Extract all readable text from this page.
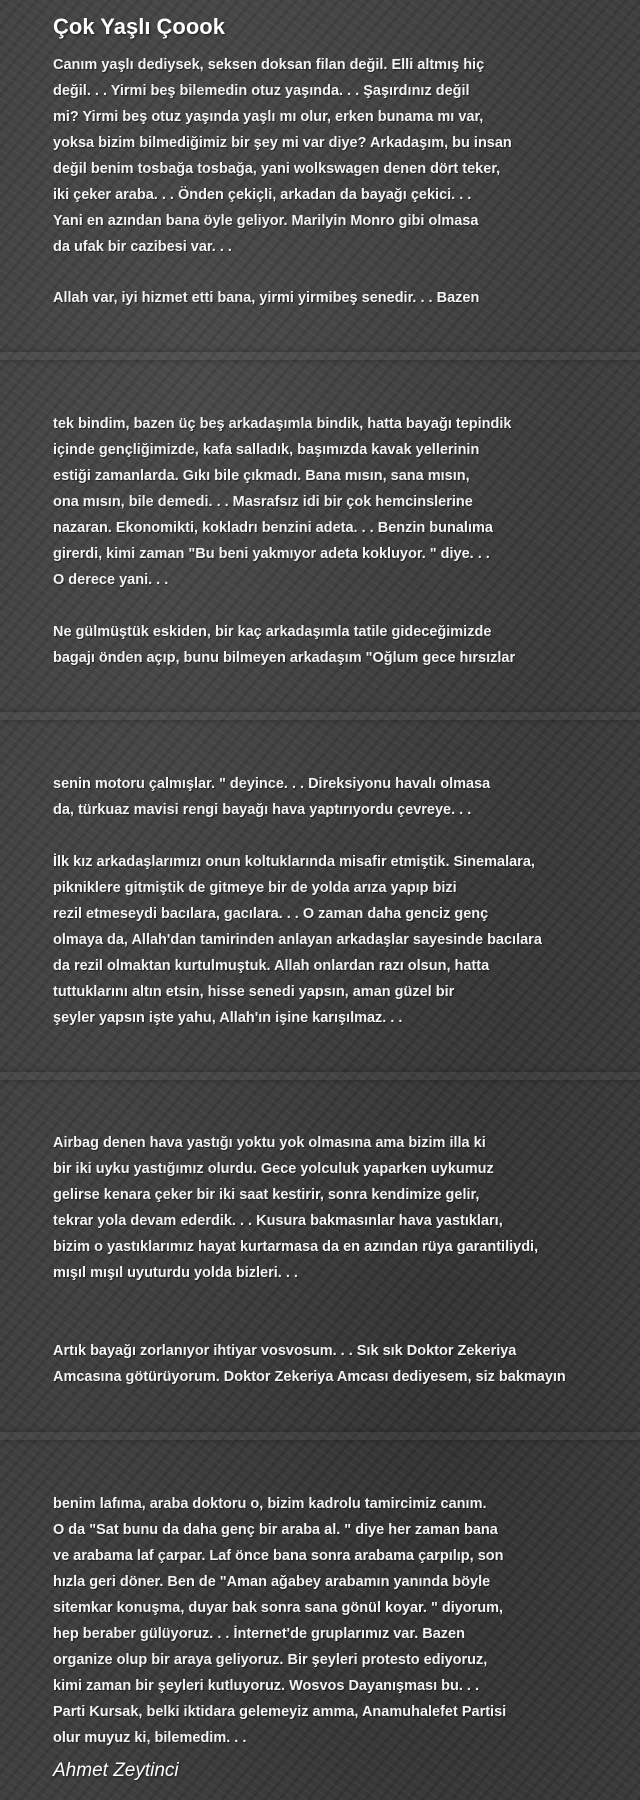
Çok Yaşlı Çoook
Canım yaşlı dediysek, seksen doksan filan değil. Elli altmış hiç
değil. . . Yirmi beş bilemedin otuz yaşında. . . Şaşırdınız değil
mi? Yirmi beş otuz yaşında yaşlı mı olur, erken bunama mı var,
yoksa bizim bilmediğimiz bir şey mi var diye? Arkadaşım, bu insan
değil benim tosbağa tosbağa, yani wolkswagen denen dört teker,
iki çeker araba. . . Önden çekiçli, arkadan da bayağı çekici. . .
Yani en azından bana öyle geliyor. Marilyin Monro gibi olmasa
da ufak bir cazibesi var. . .
Allah var, iyi hizmet etti bana, yirmi yirmibeş senedir. . . Bazen
tek bindim, bazen üç beş arkadaşımla bindik, hatta bayağı tepindik
içinde gençliğimizde, kafa salladık, başımızda kavak yellerinin
estiği zamanlarda. Gıkı bile çıkmadı. Bana mısın, sana mısın,
ona mısın, bile demedi. . . Masrafsız idi bir çok hemcinslerine
nazaran. Ekonomikti, kokladrı benzini adeta. . . Benzin bunalıma
girerdi, kimi zaman "Bu beni yakmıyor adeta kokluyor. " diye. . .
O derece yani. . .
Ne gülmüştük eskiden, bir kaç arkadaşımla tatile gideceğimizde
bagajı önden açıp, bunu bilmeyen arkadaşım "Oğlum gece hırsızlar
senin motoru çalmışlar. " deyince. . . Direksiyonu havalı olmasa
da, türkuaz mavisi rengi bayağı hava yaptırıyordu çevreye. . .
İlk kız arkadaşlarımızı onun koltuklarında misafir etmiştik. Sinemalara,
pikniklere gitmiştik de gitmeye bir de yolda arıza yapıp bizi
rezil etmeseydi bacılara, gacılara. . . O zaman daha genciz genç
olmaya da, Allah'dan tamirinden anlayan arkadaşlar sayesinde bacılara
da rezil olmaktan kurtulmuştuk. Allah onlardan razı olsun, hatta
tuttuklarını altın etsin, hisse senedi yapsın, aman güzel bir
şeyler yapsın işte yahu, Allah'ın işine karışılmaz. . .
Airbag denen hava yastığı yoktu yok olmasına ama bizim illa ki
bir iki uyku yastığımız olurdu. Gece yolculuk yaparken uykumuz
gelirse kenara çeker bir iki saat kestirir, sonra kendimize gelir,
tekrar yola devam ederdik. . . Kusura bakmasınlar hava yastıkları,
bizim o yastıklarımız hayat kurtarmasa da en azından rüya garantiliydi,
mışıl mışıl uyuturdu yolda bizleri. . .
Artık bayağı zorlanıyor ihtiyar vosvosum. . . Sık sık Doktor Zekeriya
Amcasına götürüyorum. Doktor Zekeriya Amcası dediyesem, siz bakmayın
benim lafıma, araba doktoru o, bizim kadrolu tamircimiz canım.
O da "Sat bunu da daha genç bir araba al. " diye her zaman bana
ve arabama laf çarpar. Laf önce bana sonra arabama çarpılıp, son
hızla geri döner. Ben de "Aman ağabey arabamın yanında böyle
sitemkar konuşma, duyar bak sonra sana gönül koyar. " diyorum,
hep beraber gülüyoruz. . . İnternet'de gruplarımız var. Bazen
organize olup bir araya geliyoruz. Bir şeyleri protesto ediyoruz,
kimi zaman bir şeyleri kutluyoruz. Wosvos Dayanışması bu. . .
Parti Kursak, belki iktidara gelemeyiz amma, Anamuhalefet Partisi
olur muyuz ki, bilemedim. . .
Ahmet Zeytinci
